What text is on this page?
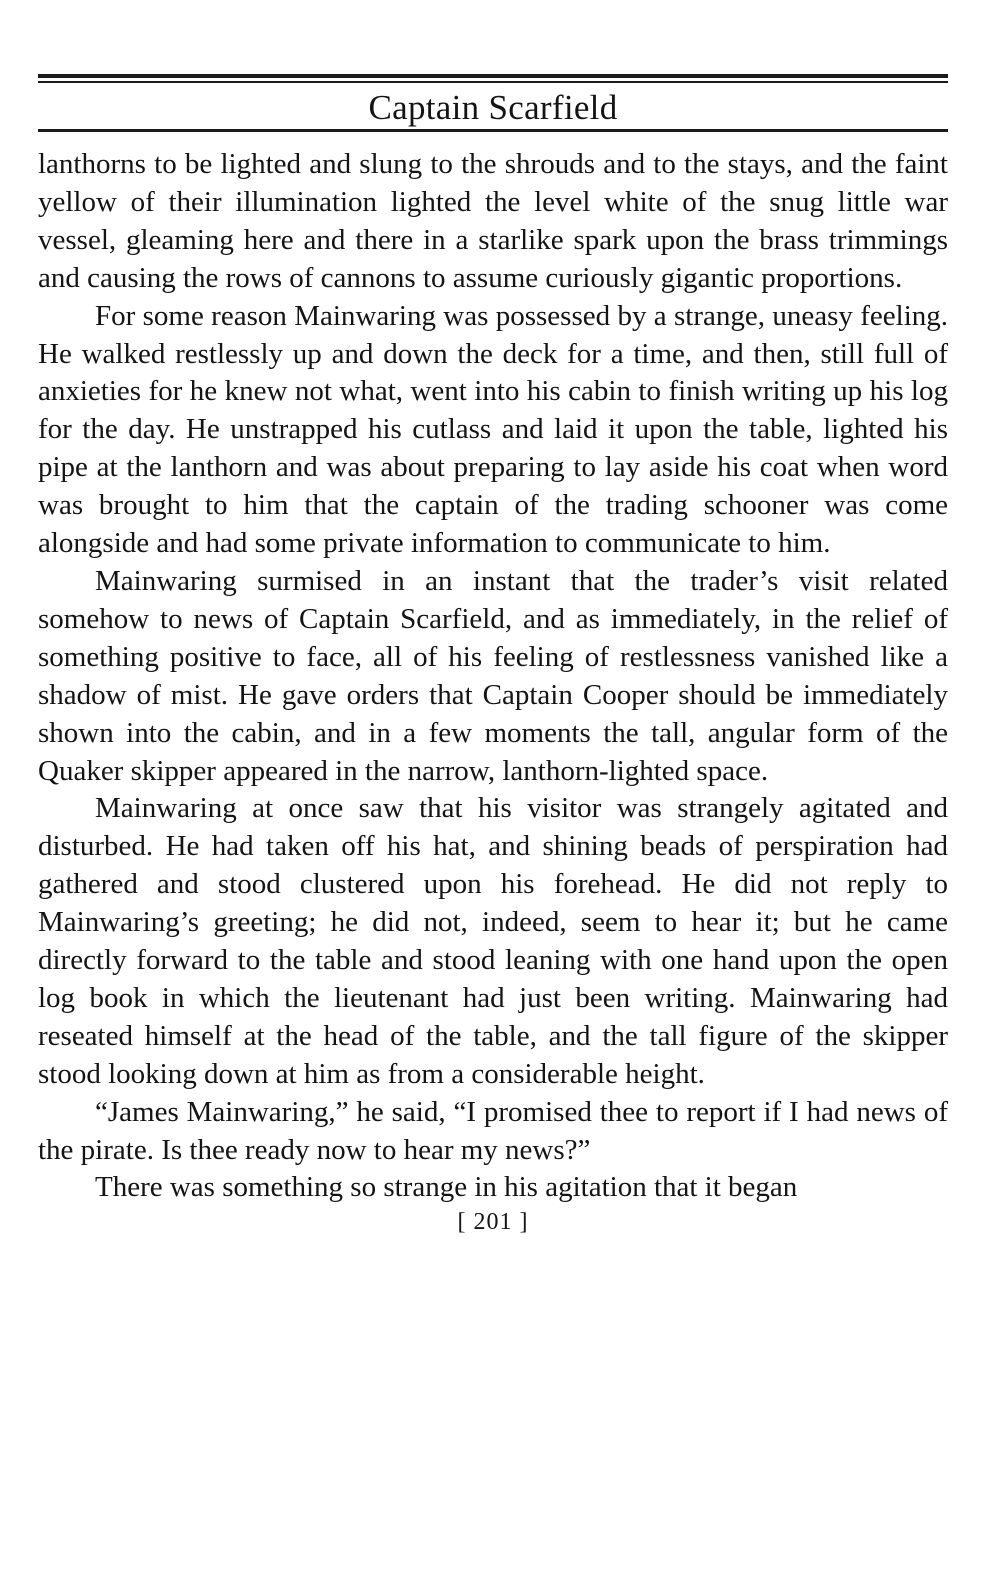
Captain Scarfield

lanthorns to be lighted and slung to the shrouds and to the stays, and the faint yellow of their illumination lighted the level white of the snug little war vessel, gleaming here and there in a starlike spark upon the brass trimmings and causing the rows of cannons to assume curiously gigantic proportions.

For some reason Mainwaring was possessed by a strange, uneasy feeling. He walked restlessly up and down the deck for a time, and then, still full of anxieties for he knew not what, went into his cabin to finish writing up his log for the day. He unstrapped his cutlass and laid it upon the table, lighted his pipe at the lanthorn and was about preparing to lay aside his coat when word was brought to him that the captain of the trading schooner was come alongside and had some private information to communicate to him.

Mainwaring surmised in an instant that the trader’s visit related somehow to news of Captain Scarfield, and as immediately, in the relief of something positive to face, all of his feeling of restlessness vanished like a shadow of mist. He gave orders that Captain Cooper should be immediately shown into the cabin, and in a few moments the tall, angular form of the Quaker skipper appeared in the narrow, lanthorn-lighted space.

Mainwaring at once saw that his visitor was strangely agitated and disturbed. He had taken off his hat, and shining beads of perspiration had gathered and stood clustered upon his forehead. He did not reply to Mainwaring’s greeting; he did not, indeed, seem to hear it; but he came directly forward to the table and stood leaning with one hand upon the open log book in which the lieutenant had just been writing. Mainwaring had reseated himself at the head of the table, and the tall figure of the skipper stood looking down at him as from a considerable height.

“James Mainwaring,” he said, “I promised thee to report if I had news of the pirate. Is thee ready now to hear my news?”

There was something so strange in his agitation that it began

[ 201 ]
